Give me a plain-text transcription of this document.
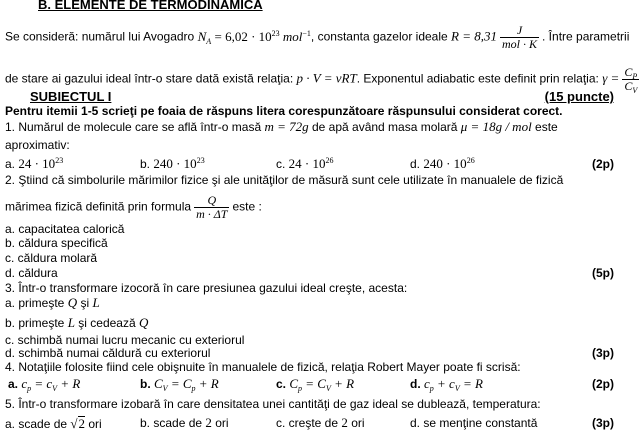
B. ELEMENTE DE TERMODINAMICA
Se consideră: numărul lui Avogadro $N_A = 6,02 \cdot 10^{23}$ mol$^{-1}$, constanta gazelor ideale $R = 8,31 \frac{J}{\text{mol · K}}$ . Între parametrii
de stare ai gazului ideal într-o stare dată există relaţia: p · V = νRT. Exponentul adiabatic este definit prin relaţia: $\gamma = \frac{C_P}{C_V}$
SUBIECTUL I	(15 puncte)
Pentru itemii 1-5 scrieţi pe foaia de răspuns litera corespunzătoare răspunsului considerat corect.
1. Numărul de molecule care se află într-o masă m = 72g de apă având masa molară μ = 18g / mol este
aproximativ:
a. $24 \cdot 10^{23}$	b. $240 \cdot 10^{23}$	c. $24 \cdot 10^{26}$	d. $240 \cdot 10^{26}$	(2p)
2. Ştiind că simbolurile mărimilor fizice şi ale unităţilor de măsură sunt cele utilizate în manualele de fizică
mărimea fizică definită prin formula $\frac{Q}{m \cdot \Delta T}$ este :
a. capacitatea calorică
b. căldura specifică
c. căldura molară
d. căldura	(5p)
3. Într-o transformare izocoră în care presiunea gazului ideal creşte, acesta:
a. primeşte Q şi L
b. primeşte L şi cedează Q
c. schimbă numai lucru mecanic cu exteriorul
d. schimbă numai căldură cu exteriorul	(3p)
4. Notaţiile folosite fiind cele obişnuite în manualele de fizică, relaţia Robert Mayer poate fi scrisă:
a. $c_p = c_V + R$	b. $C_V = C_p + R$	c. $C_p = C_V + R$	d. $c_p + c_V = R$	(2p)
5. Într-o transformare izobară în care densitatea unei cantităţi de gaz ideal se dublează, temperatura:
a. scade de √2 ori	b. scade de 2 ori	c. creşte de 2 ori	d. se menţine constantă	(3p)
